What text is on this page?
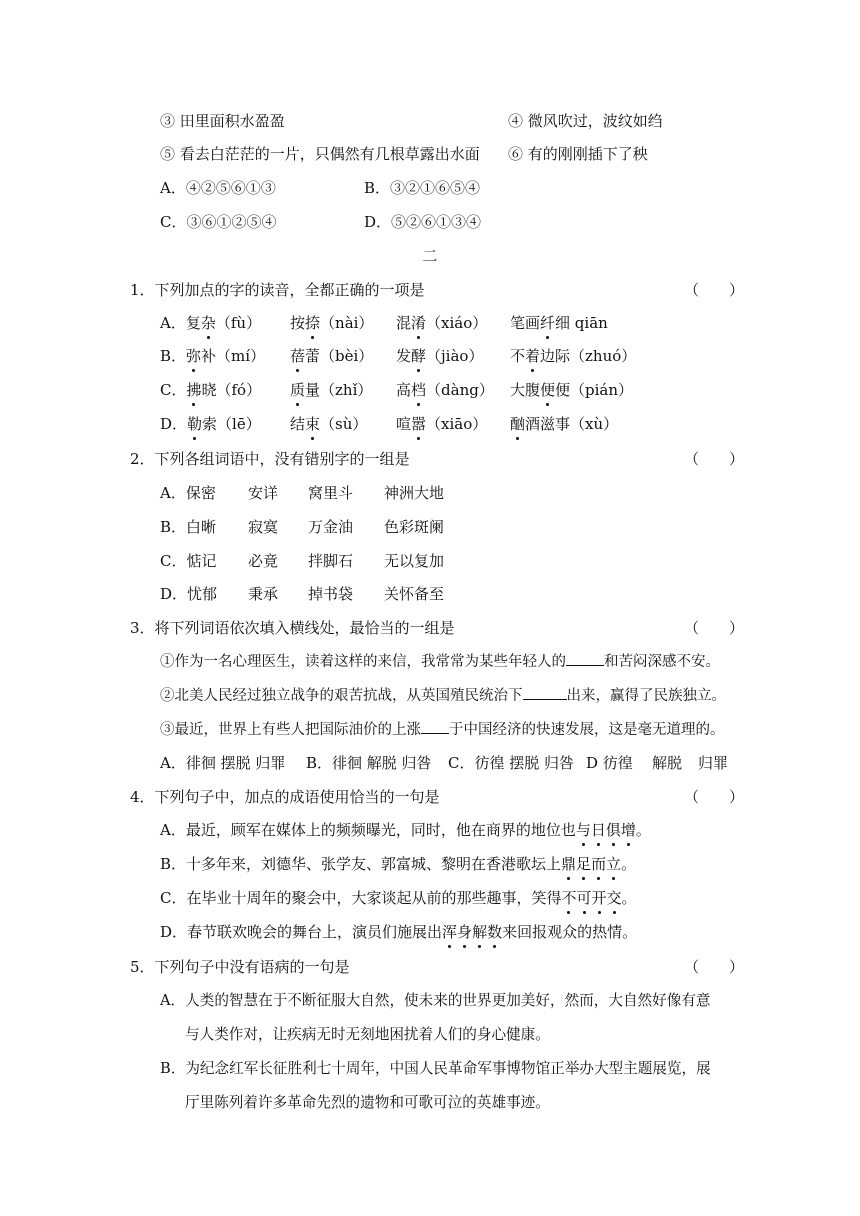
③ 田里面积水盈盈	④ 微风吹过，波纹如绉
⑤ 看去白茫茫的一片，只偶然有几根草露出水面 ⑥ 有的刚刚插下了秧
A．④②⑤⑥①③	B．③②①⑥⑤④
C．③⑥①②⑤④	D．⑤②⑥①③④
二
1．下列加点的字的读音，全都正确的一项是	（　　）
A．复杂（fù） 按捺（nài） 混淆（xiáo） 笔画纤细 qiān
B．弥补（mí） 蓓蕾（bèi） 发酵（jiào） 不着边际（zhuó）
C．拂晓（fó） 质量（zhǐ） 高档（dàng） 大腹便便（pián）
D．勒索（lē） 结束（sù） 喧嚣（xiāo） 酗酒滋事（xù）
2．下列各组词语中，没有错别字的一组是	（　　）
A．保密 安详 窝里斗 神洲大地
B．白晰 寂寞 万金油 色彩斑阑
C．惦记 必竟 拌脚石 无以复加
D．忧郁 秉承 掉书袋 关怀备至
3．将下列词语依次填入横线处，最恰当的一组是	（　　）
①作为一名心理医生，读着这样的来信，我常常为某些年轻人的	和苦闷深感不安。
②北美人民经过独立战争的艰苦抗战，从英国殖民统治下	出来，赢得了民族独立。
③最近，世界上有些人把国际油价的上涨 于中国经济的快速发展，这是毫无道理的。
A．徘徊 摆脱 归罪 B．徘徊 解脱 归咎 C．彷徨 摆脱 归咎 D 彷徨 解脱 归罪
4．下列句子中，加点的成语使用恰当的一句是	（　　）
A．最近，顾军在媒体上的频频曝光，同时，他在商界的地位也与日俱增。
B．十多年来，刘德华、张学友、郭富城、黎明在香港歌坛上鼎足而立。
C．在毕业十周年的聚会中，大家谈起从前的那些趣事，笑得不可开交。
D．春节联欢晚会的舞台上，演员们施展出浑身解数来回报观众的热情。
5．下列句子中没有语病的一句是	（　　）
A．人类的智慧在于不断征服大自然，使未来的世界更加美好，然而，大自然好像有意
与人类作对，让疾病无时无刻地困扰着人们的身心健康。
B．为纪念红军长征胜利七十周年，中国人民革命军事博物馆正举办大型主题展览，展
厅里陈列着许多革命先烈的遗物和可歌可泣的英雄事迹。
